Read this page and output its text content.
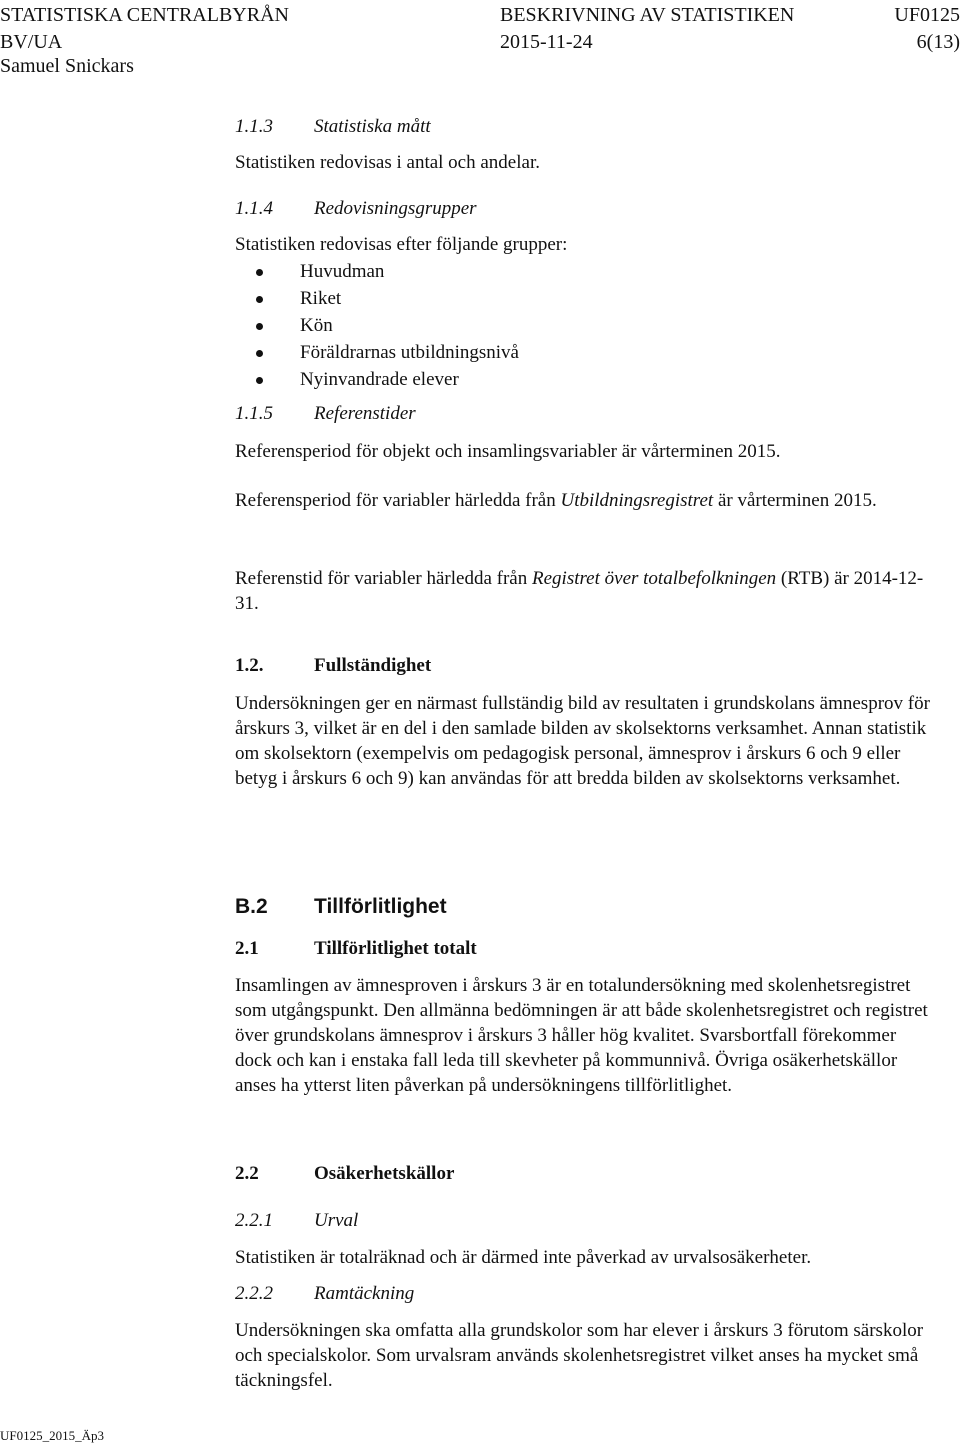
STATISTISKA CENTRALBYRÅN
BV/UA
Samuel Snickars
BESKRIVNING AV STATISTIKEN
2015-11-24
UF0125
6(13)
1.1.3 Statistiska mått

Statistiken redovisas i antal och andelar.

1.1.4 Redovisningsgrupper

Statistiken redovisas efter följande grupper:

Huvudman
Riket
Kön
Föräldrarnas utbildningsnivå
Nyinvandrade elever
1.1.5 Referenstider

Referensperiod för objekt och insamlingsvariabler är vårterminen 2015.

Referensperiod för variabler härledda från Utbildningsregistret är vårterminen 2015.

Referenstid för variabler härledda från Registret över totalbefolkningen (RTB) är 2014-12-31.

1.2.	Fullständighet

Undersökningen ger en närmast fullständig bild av resultaten i grundskolans ämnesprov för årskurs 3, vilket är en del i den samlade bilden av skolsektorns verksamhet. Annan statistik om skolsektorn (exempelvis om pedagogisk personal, ämnesprov i årskurs 6 och 9 eller betyg i årskurs 6 och 9) kan användas för att bredda bilden av skolsektorns verksamhet.

B.2 Tillförlitlighet
2.1	Tillförlitlighet totalt

Insamlingen av ämnesproven i årskurs 3 är en totalundersökning med skolenhetsregistret som utgångspunkt. Den allmänna bedömningen är att både skolenhetsregistret och registret över grundskolans ämnesprov i årskurs 3 håller hög kvalitet. Svarsbortfall förekommer dock och kan i enstaka fall leda till skevheter på kommunnivå. Övriga osäkerhetskällor anses ha ytterst liten påverkan på undersökningens tillförlitlighet.

2.2	Osäkerhetskällor
2.2.1 Urval

Statistiken är totalräknad och är därmed inte påverkad av urvalsosäkerheter.

2.2.2 Ramtäckning

Undersökningen ska omfatta alla grundskolor som har elever i årskurs 3 förutom särskolor och specialskolor. Som urvalsram används skolenhetsregistret vilket anses ha mycket små täckningsfel.

UF0125_2015_Äp3
